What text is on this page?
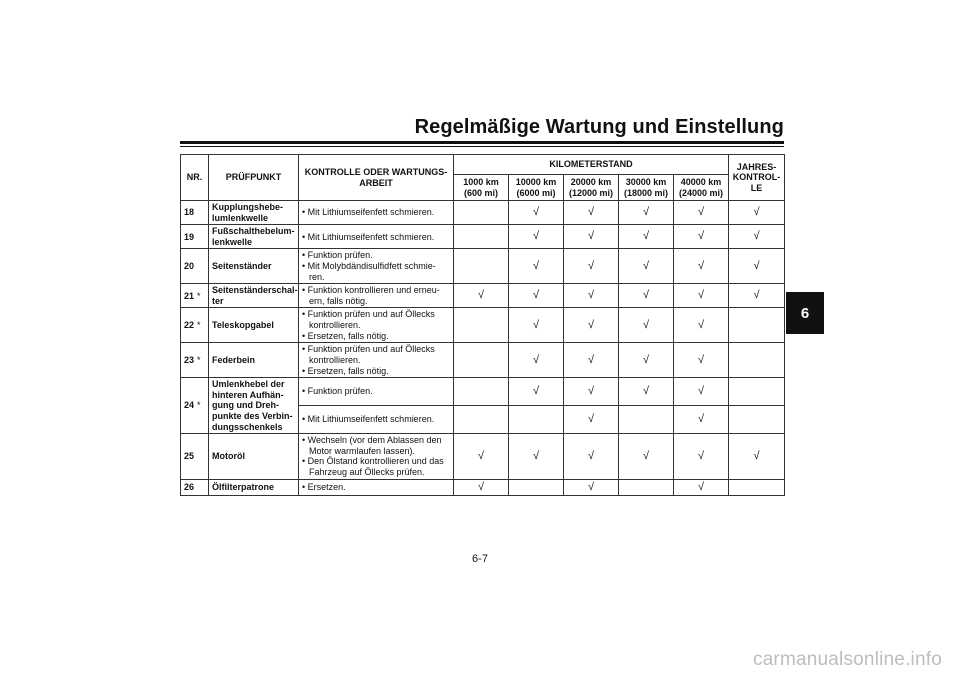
Regelmäßige Wartung und Einstellung
6
NR.	PRÜFPUNKT	KONTROLLE ODER WARTUNGS-ARBEIT	KILOMETERSTAND					JAHRES-KONTROL-LE
			1000 km (600 mi)	10000 km (6000 mi)	20000 km (12000 mi)	30000 km (18000 mi)	40000 km (24000 mi)	
18	Kupplungshebe-lumlenkwelle	• Mit Lithiumseifenfett schmieren.		√	√	√	√	√
19	Fußschalthebelum-lenkwelle	• Mit Lithiumseifenfett schmieren.		√	√	√	√	√
20	Seitenständer	• Funktion prüfen.
• Mit Molybdändisulfidfett schmie-ren.		√	√	√	√	√
21 *	Seitenständerschal-ter	• Funktion kontrollieren und erneu-ern, falls nötig.	√	√	√	√	√	√
22 *	Teleskopgabel	• Funktion prüfen und auf Öllecks kontrollieren.
• Ersetzen, falls nötig.		√	√	√	√	
23 *	Federbein	• Funktion prüfen und auf Öllecks kontrollieren.
• Ersetzen, falls nötig.		√	√	√	√	
24 *	Umlenkhebel der hinteren Aufhän-gung und Dreh-punkte des Verbin-dungsschenkels	• Funktion prüfen.		√	√	√	√	

		• Mit Lithiumseifenfett schmieren.			√		√	
25	Motoröl	• Wechseln (vor dem Ablassen den Motor warmlaufen lassen).
• Den Ölstand kontrollieren und das Fahrzeug auf Öllecks prüfen.	√	√	√	√	√	√
26	Ölfilterpatrone	• Ersetzen.	√		√		√	
6-7
carmanualsonline.info
